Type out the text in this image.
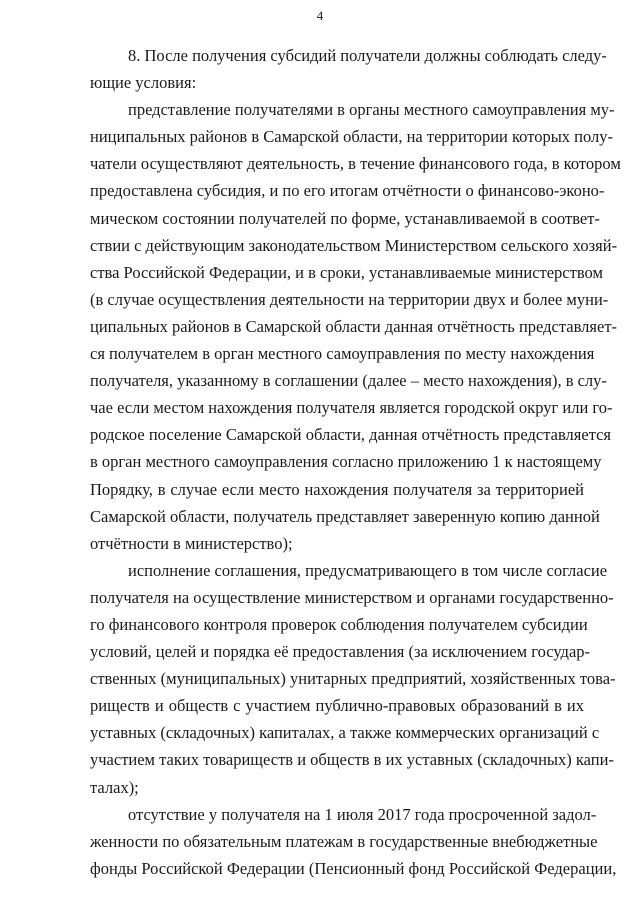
4
8. После получения субсидий получатели должны соблюдать следу-
ющие условия:
представление получателями в органы местного самоуправления му-
ниципальных районов в Самарской области, на территории которых полу-
чатели осуществляют деятельность, в течение финансового года, в котором
предоставлена субсидия, и по его итогам отчётности о финансово-эконо-
мическом состоянии получателей по форме, устанавливаемой в соответ-
ствии с действующим законодательством Министерством сельского хозяй-
ства Российской Федерации, и в сроки, устанавливаемые министерством
(в случае осуществления деятельности на территории двух и более муни-
ципальных районов в Самарской области данная отчётность представляет-
ся получателем в орган местного самоуправления по месту нахождения
получателя, указанному в соглашении (далее – место нахождения), в слу-
чае если местом нахождения получателя является городской округ или го-
родское поселение Самарской области, данная отчётность представляется
в орган местного самоуправления согласно приложению 1 к настоящему
Порядку, в случае если место нахождения получателя за территорией
Самарской области, получатель представляет заверенную копию данной
отчётности в министерство);
исполнение соглашения, предусматривающего в том числе согласие
получателя на осуществление министерством и органами государственно-
го финансового контроля проверок соблюдения получателем субсидии
условий, целей и порядка её предоставления (за исключением государ-
ственных (муниципальных) унитарных предприятий, хозяйственных това-
риществ и обществ с участием публично-правовых образований в их
уставных (складочных) капиталах, а также коммерческих организаций с
участием таких товариществ и обществ в их уставных (складочных) капи-
талах);
отсутствие у получателя на 1 июля 2017 года просроченной задол-
женности по обязательным платежам в государственные внебюджетные
фонды Российской Федерации (Пенсионный фонд Российской Федерации,
